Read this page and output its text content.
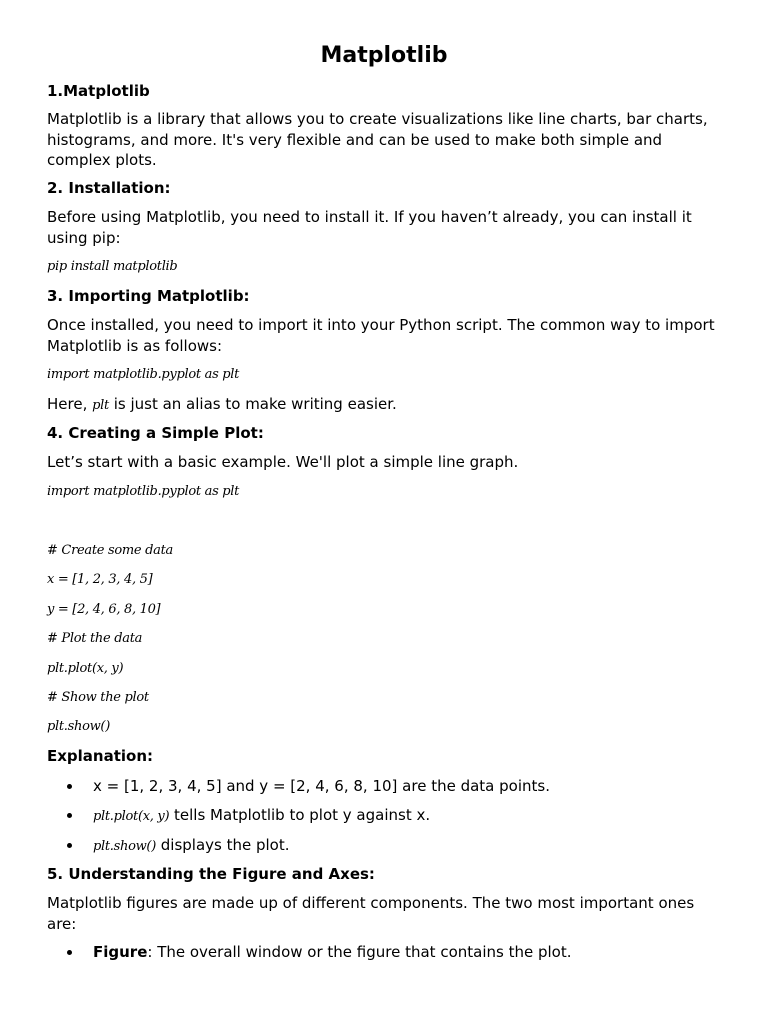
Matplotlib
1.Matplotlib
Matplotlib is a library that allows you to create visualizations like line charts, bar charts, histograms, and more. It's very flexible and can be used to make both simple and complex plots.
2. Installation:
Before using Matplotlib, you need to install it. If you haven’t already, you can install it using pip:
pip install matplotlib
3. Importing Matplotlib:
Once installed, you need to import it into your Python script. The common way to import Matplotlib is as follows:
import matplotlib.pyplot as plt
Here, plt is just an alias to make writing easier.
4. Creating a Simple Plot:
Let’s start with a basic example. We'll plot a simple line graph.
import matplotlib.pyplot as plt
# Create some data
x = [1, 2, 3, 4, 5]
y = [2, 4, 6, 8, 10]
# Plot the data
plt.plot(x, y)
# Show the plot
plt.show()
Explanation:
x = [1, 2, 3, 4, 5] and y = [2, 4, 6, 8, 10] are the data points.
plt.plot(x, y) tells Matplotlib to plot y against x.
plt.show() displays the plot.
5. Understanding the Figure and Axes:
Matplotlib figures are made up of different components. The two most important ones are:
Figure: The overall window or the figure that contains the plot.
